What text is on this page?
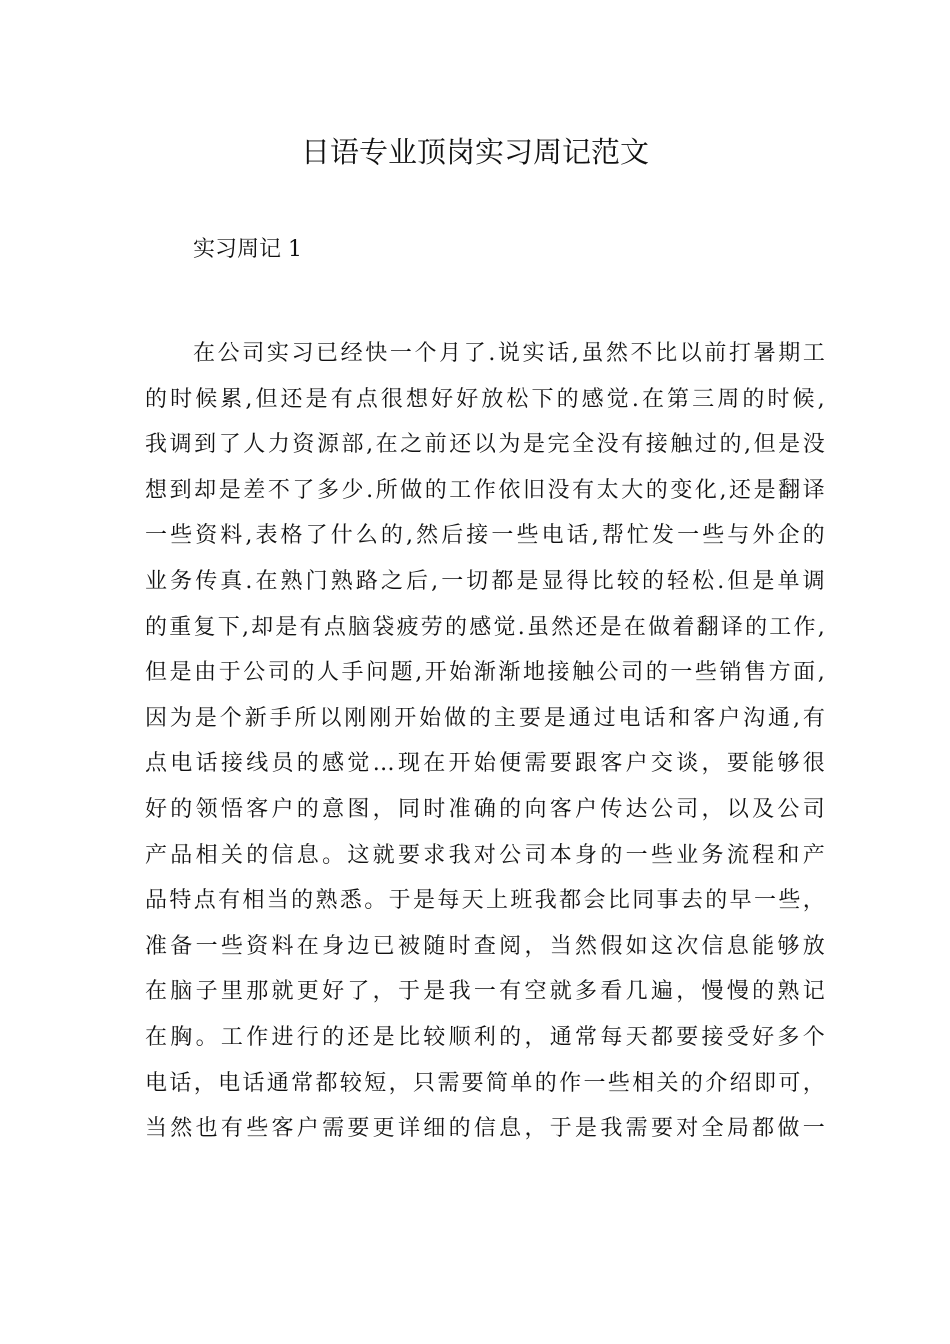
日语专业顶岗实习周记范文
实习周记 1
在 公 司 实 习 已 经 快 一 个 月 了 . 说 实 话 , 虽 然 不 比 以 前 打 暑 期 工
的 时 候 累 , 但 还 是 有 点 很 想 好 好 放 松 下 的 感 觉 . 在 第 三 周 的 时 候 ,
我 调 到 了 人 力 资 源 部 , 在 之 前 还 以 为 是 完 全 没 有 接 触 过 的 , 但 是 没
想 到 却 是 差 不 了 多 少 . 所 做 的 工 作 依 旧 没 有 太 大 的 变 化 , 还 是 翻 译
一 些 资 料 , 表 格 了 什 么 的 , 然 后 接 一 些 电 话 , 帮 忙 发 一 些 与 外 企 的
业 务 传 真 . 在 熟 门 熟 路 之 后 , 一 切 都 是 显 得 比 较 的 轻 松 . 但 是 单 调
的 重 复 下 , 却 是 有 点 脑 袋 疲 劳 的 感 觉 . 虽 然 还 是 在 做 着 翻 译 的 工 作 ,
但 是 由 于 公 司 的 人 手 问 题 , 开 始 渐 渐 地 接 触 公 司 的 一 些 销 售 方 面 ,
因 为 是 个 新 手 所 以 刚 刚 开 始 做 的 主 要 是 通 过 电 话 和 客 户 沟 通 , 有
点 电 话 接 线 员 的 感 觉 … 现 在 开 始 便 需 要 跟 客 户 交 谈 ， 要 能 够 很
好 的 领 悟 客 户 的 意 图 ， 同 时 准 确 的 向 客 户 传 达 公 司 ， 以 及 公 司
产 品 相 关 的 信 息 。 这 就 要 求 我 对 公 司 本 身 的 一 些 业 务 流 程 和 产
品 特 点 有 相 当 的 熟 悉 。 于 是 每 天 上 班 我 都 会 比 同 事 去 的 早 一 些 ，
准 备 一 些 资 料 在 身 边 已 被 随 时 查 阅 ， 当 然 假 如 这 次 信 息 能 够 放
在 脑 子 里 那 就 更 好 了 ， 于 是 我 一 有 空 就 多 看 几 遍 ， 慢 慢 的 熟 记
在 胸 。 工 作 进 行 的 还 是 比 较 顺 利 的 ， 通 常 每 天 都 要 接 受 好 多 个
电 话 ， 电 话 通 常 都 较 短 ， 只 需 要 简 单 的 作 一 些 相 关 的 介 绍 即 可 ，
当 然 也 有 些 客 户 需 要 更 详 细 的 信 息 ， 于 是 我 需 要 对 全 局 都 做 一
